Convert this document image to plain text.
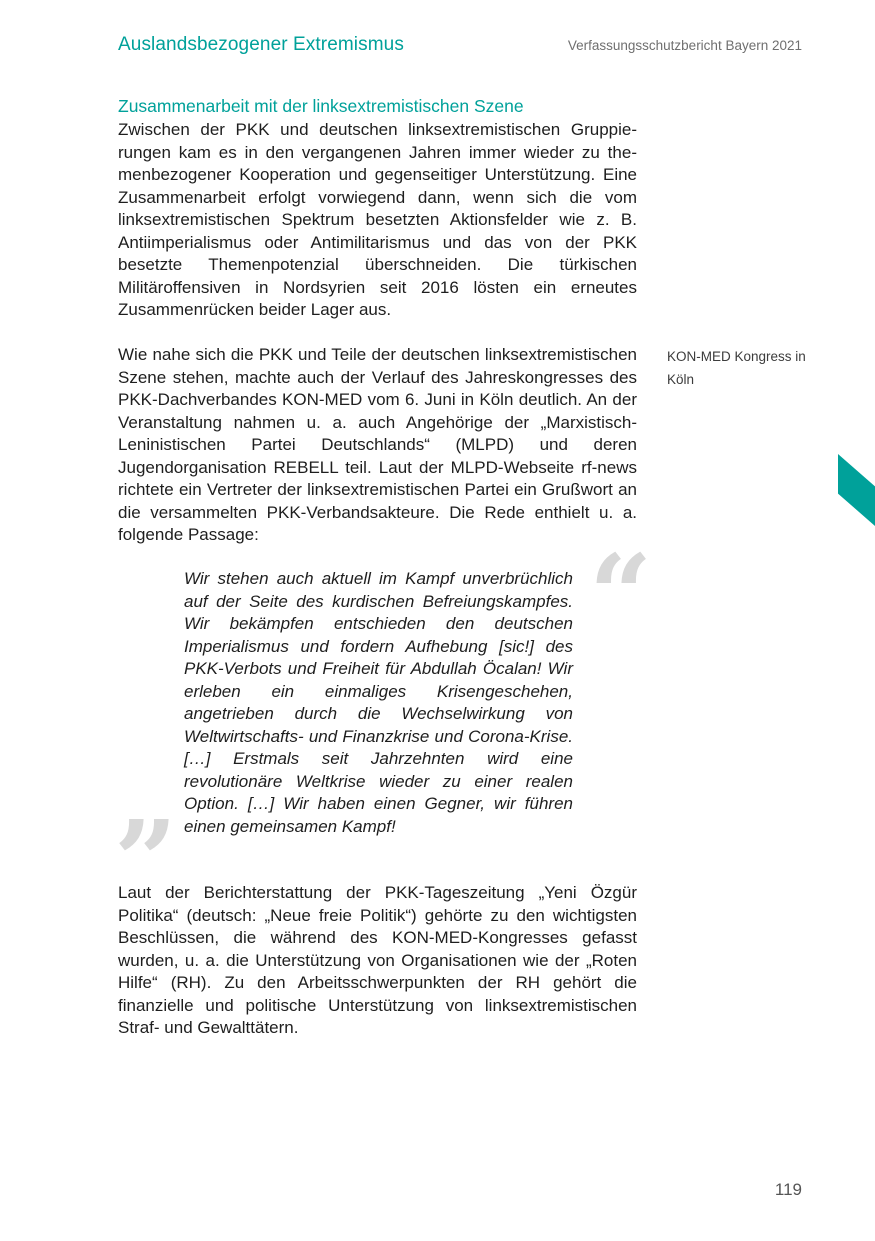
Auslandsbezogener Extremismus	Verfassungsschutzbericht Bayern 2021
Zusammenarbeit mit der linksextremistischen Szene

Zwischen der PKK und deutschen linksextremistischen Gruppierungen kam es in den vergangenen Jahren immer wieder zu themenbezogener Kooperation und gegenseitiger Unterstützung. Eine Zusammenarbeit erfolgt vorwiegend dann, wenn sich die vom linksextremistischen Spektrum besetzten Aktionsfelder wie z. B. Antiimperialismus oder Antimilitarismus und das von der PKK besetzte Themenpotenzial überschneiden. Die türkischen Militäroffensiven in Nordsyrien seit 2016 lösten ein erneutes Zusammenrücken beider Lager aus.

Wie nahe sich die PKK und Teile der deutschen linksextremistischen Szene stehen, machte auch der Verlauf des Jahreskongresses des PKK-Dachverbandes KON-MED vom 6. Juni in Köln deutlich. An der Veranstaltung nahmen u. a. auch Angehörige der „Marxistisch-Leninistischen Partei Deutschlands“ (MLPD) und deren Jugendorganisation REBELL teil. Laut der MLPD-Webseite rf-news richtete ein Vertreter der linksextremistischen Partei ein Grußwort an die versammelten PKK-Verbandsakteure. Die Rede enthielt u. a. folgende Passage:

KON-MED Kongress in Köln
“

Wir stehen auch aktuell im Kampf unverbrüchlich auf der Seite des kurdischen Befreiungskampfes. Wir bekämpfen entschieden den deutschen Imperialismus und fordern Aufhebung [sic!] des PKK-Verbots und Freiheit für Abdullah Öcalan! Wir erleben ein einmaliges Krisengeschehen, angetrieben durch die Wechselwirkung von Weltwirtschafts- und Finanzkrise und Corona-Krise. […] Erstmals seit Jahrzehnten wird eine revolutionäre Weltkrise wieder zu einer realen Option. […] Wir haben einen Gegner, wir führen einen gemeinsamen Kampf!

”

Laut der Berichterstattung der PKK-Tageszeitung „Yeni Özgür Politika“ (deutsch: „Neue freie Politik“) gehörte zu den wichtigsten Beschlüssen, die während des KON-MED-Kongresses gefasst wurden, u. a. die Unterstützung von Organisationen wie der „Roten Hilfe“ (RH). Zu den Arbeitsschwerpunkten der RH gehört die finanzielle und politische Unterstützung von linksextremistischen Straf- und Gewalttätern.

119
